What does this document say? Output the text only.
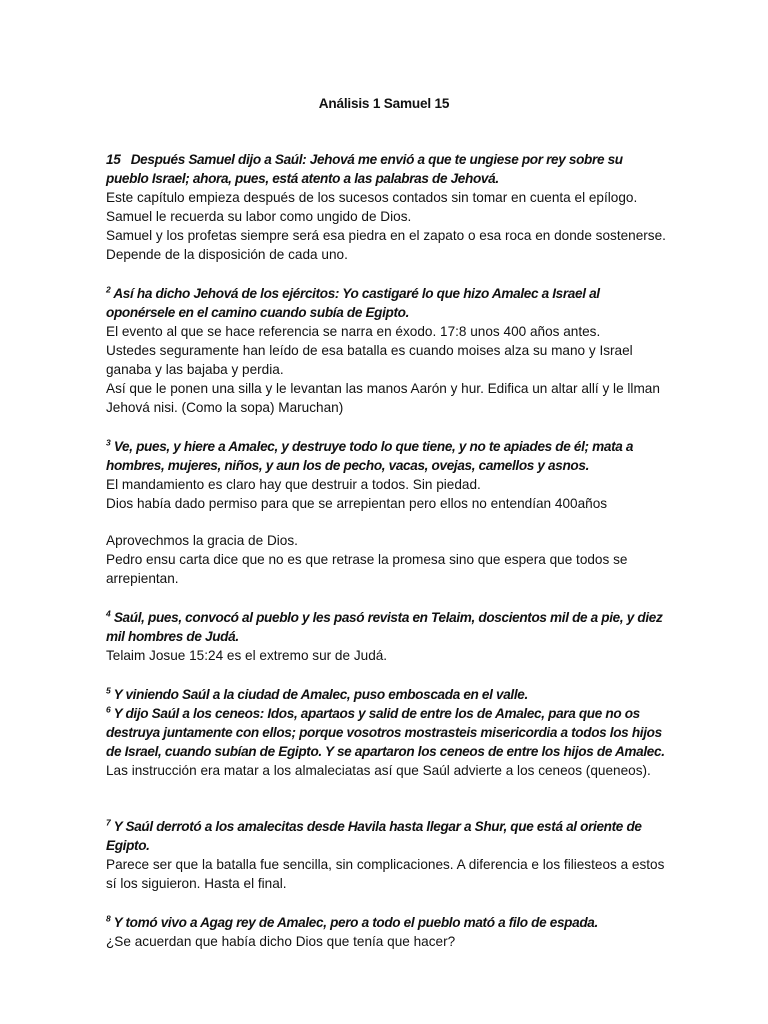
Análisis 1 Samuel 15

15 Después Samuel dijo a Saúl: Jehová me envió a que te ungiese por rey sobre su pueblo Israel; ahora, pues, está atento a las palabras de Jehová.

Este capítulo empieza después de los sucesos contados sin tomar en cuenta el epílogo.

Samuel le recuerda su labor como ungido de Dios.

Samuel y los profetas siempre será esa piedra en el zapato o esa roca en donde sostenerse.

Depende de la disposición de cada uno.

$^2$ Así ha dicho Jehová de los ejércitos: Yo castigaré lo que hizo Amalec a Israel al oponérsele en el camino cuando subía de Egipto.

El evento al que se hace referencia se narra en éxodo. 17:8 unos 400 años antes.

Ustedes seguramente han leído de esa batalla es cuando moises alza su mano y Israel ganaba y las bajaba y perdia.

Así que le ponen una silla y le levantan las manos Aarón y hur. Edifica un altar allí y le llman Jehová nisi. (Como la sopa) Maruchan)

$^3$ Ve, pues, y hiere a Amalec, y destruye todo lo que tiene, y no te apiades de él; mata a hombres, mujeres, niños, y aun los de pecho, vacas, ovejas, camellos y asnos.

El mandamiento es claro hay que destruir a todos. Sin piedad.

Dios había dado permiso para que se arrepientan pero ellos no entendían 400años

Aprovechmos la gracia de Dios.

Pedro ensu carta dice que no es que retrase la promesa sino que espera que todos se arrepientan.

$^4$ Saúl, pues, convocó al pueblo y les pasó revista en Telaim, doscientos mil de a pie, y diez mil hombres de Judá.

Telaim Josue 15:24 es el extremo sur de Judá.

$^5$ Y viniendo Saúl a la ciudad de Amalec, puso emboscada en el valle.

$^6$ Y dijo Saúl a los ceneos: Idos, apartaos y salid de entre los de Amalec, para que no os destruya juntamente con ellos; porque vosotros mostrasteis misericordia a todos los hijos de Israel, cuando subían de Egipto. Y se apartaron los ceneos de entre los hijos de Amalec.

Las instrucción era matar a los almaleciatas así que Saúl advierte a los ceneos (queneos).

$^7$ Y Saúl derrotó a los amalecitas desde Havila hasta llegar a Shur, que está al oriente de Egipto.

Parece ser que la batalla fue sencilla, sin complicaciones. A diferencia e los filiesteos a estos sí los siguieron. Hasta el final.

$^8$ Y tomó vivo a Agag rey de Amalec, pero a todo el pueblo mató a filo de espada.

¿Se acuerdan que había dicho Dios que tenía que hacer?
